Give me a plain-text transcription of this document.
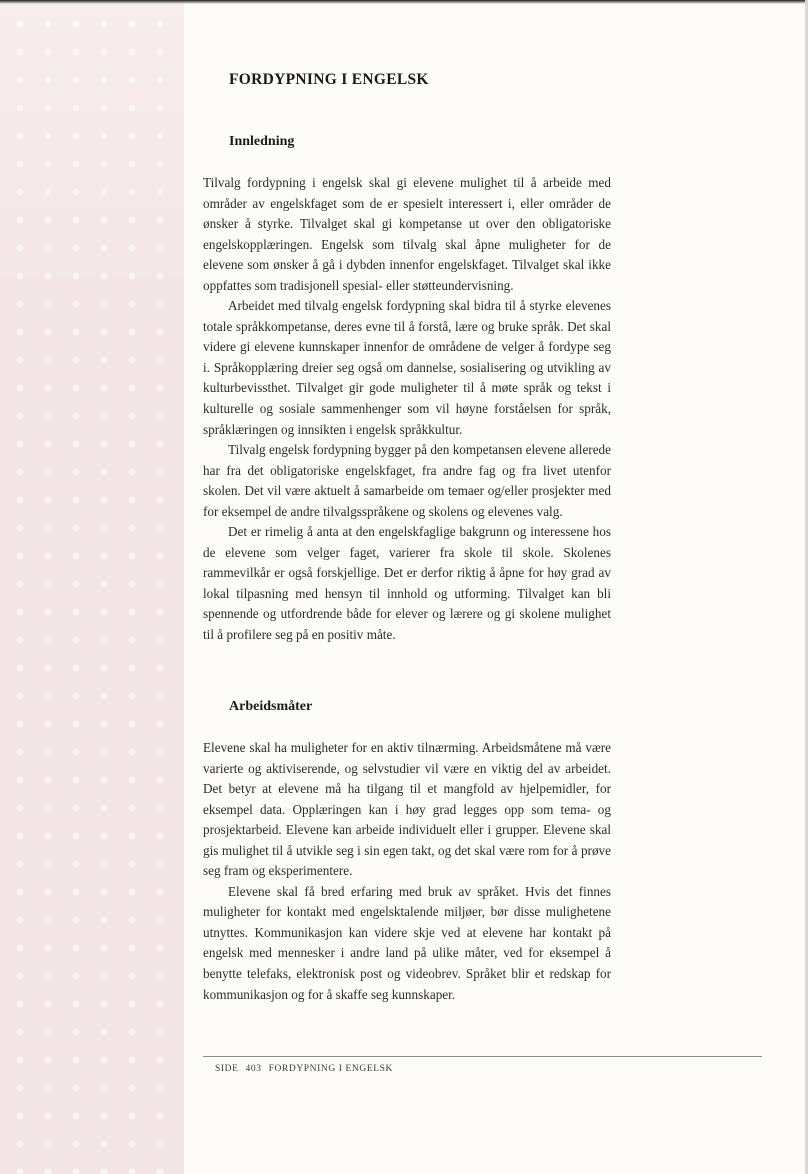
FORDYPNING I ENGELSK
Innledning

Tilvalg fordypning i engelsk skal gi elevene mulighet til å arbeide med områder av engelskfaget som de er spesielt interessert i, eller områder de ønsker å styrke. Tilvalget skal gi kompetanse ut over den obligatoriske engelskopplæringen. Engelsk som tilvalg skal åpne muligheter for de elevene som ønsker å gå i dybden innenfor engelskfaget. Tilvalget skal ikke oppfattes som tradisjonell spesial- eller støtteundervisning.

Arbeidet med tilvalg engelsk fordypning skal bidra til å styrke elevenes totale språkkompetanse, deres evne til å forstå, lære og bruke språk. Det skal videre gi elevene kunnskaper innenfor de områdene de velger å fordype seg i. Språkopplæring dreier seg også om dannelse, sosialisering og utvikling av kulturbevissthet. Tilvalget gir gode muligheter til å møte språk og tekst i kulturelle og sosiale sammenhenger som vil høyne forståelsen for språk, språklæringen og innsikten i engelsk språkkultur.

Tilvalg engelsk fordypning bygger på den kompetansen elevene allerede har fra det obligatoriske engelskfaget, fra andre fag og fra livet utenfor skolen. Det vil være aktuelt å samarbeide om temaer og/eller prosjekter med for eksempel de andre tilvalgsspråkene og skolens og elevenes valg.

Det er rimelig å anta at den engelskfaglige bakgrunn og interessene hos de elevene som velger faget, varierer fra skole til skole. Skolenes rammevilkår er også forskjellige. Det er derfor riktig å åpne for høy grad av lokal tilpasning med hensyn til innhold og utforming. Tilvalget kan bli spennende og utfordrende både for elever og lærere og gi skolene mulighet til å profilere seg på en positiv måte.

Arbeidsmåter

Elevene skal ha muligheter for en aktiv tilnærming. Arbeidsmåtene må være varierte og aktiviserende, og selvstudier vil være en viktig del av arbeidet. Det betyr at elevene må ha tilgang til et mangfold av hjelpemidler, for eksempel data. Opplæringen kan i høy grad legges opp som tema- og prosjektarbeid. Elevene kan arbeide individuelt eller i grupper. Elevene skal gis mulighet til å utvikle seg i sin egen takt, og det skal være rom for å prøve seg fram og eksperimentere.

Elevene skal få bred erfaring med bruk av språket. Hvis det finnes muligheter for kontakt med engelsktalende miljøer, bør disse mulighetene utnyttes. Kommunikasjon kan videre skje ved at elevene har kontakt på engelsk med mennesker i andre land på ulike måter, ved for eksempel å benytte telefaks, elektronisk post og videobrev. Språket blir et redskap for kommunikasjon og for å skaffe seg kunnskaper.

SIDE 403 FORDYPNING I ENGELSK
